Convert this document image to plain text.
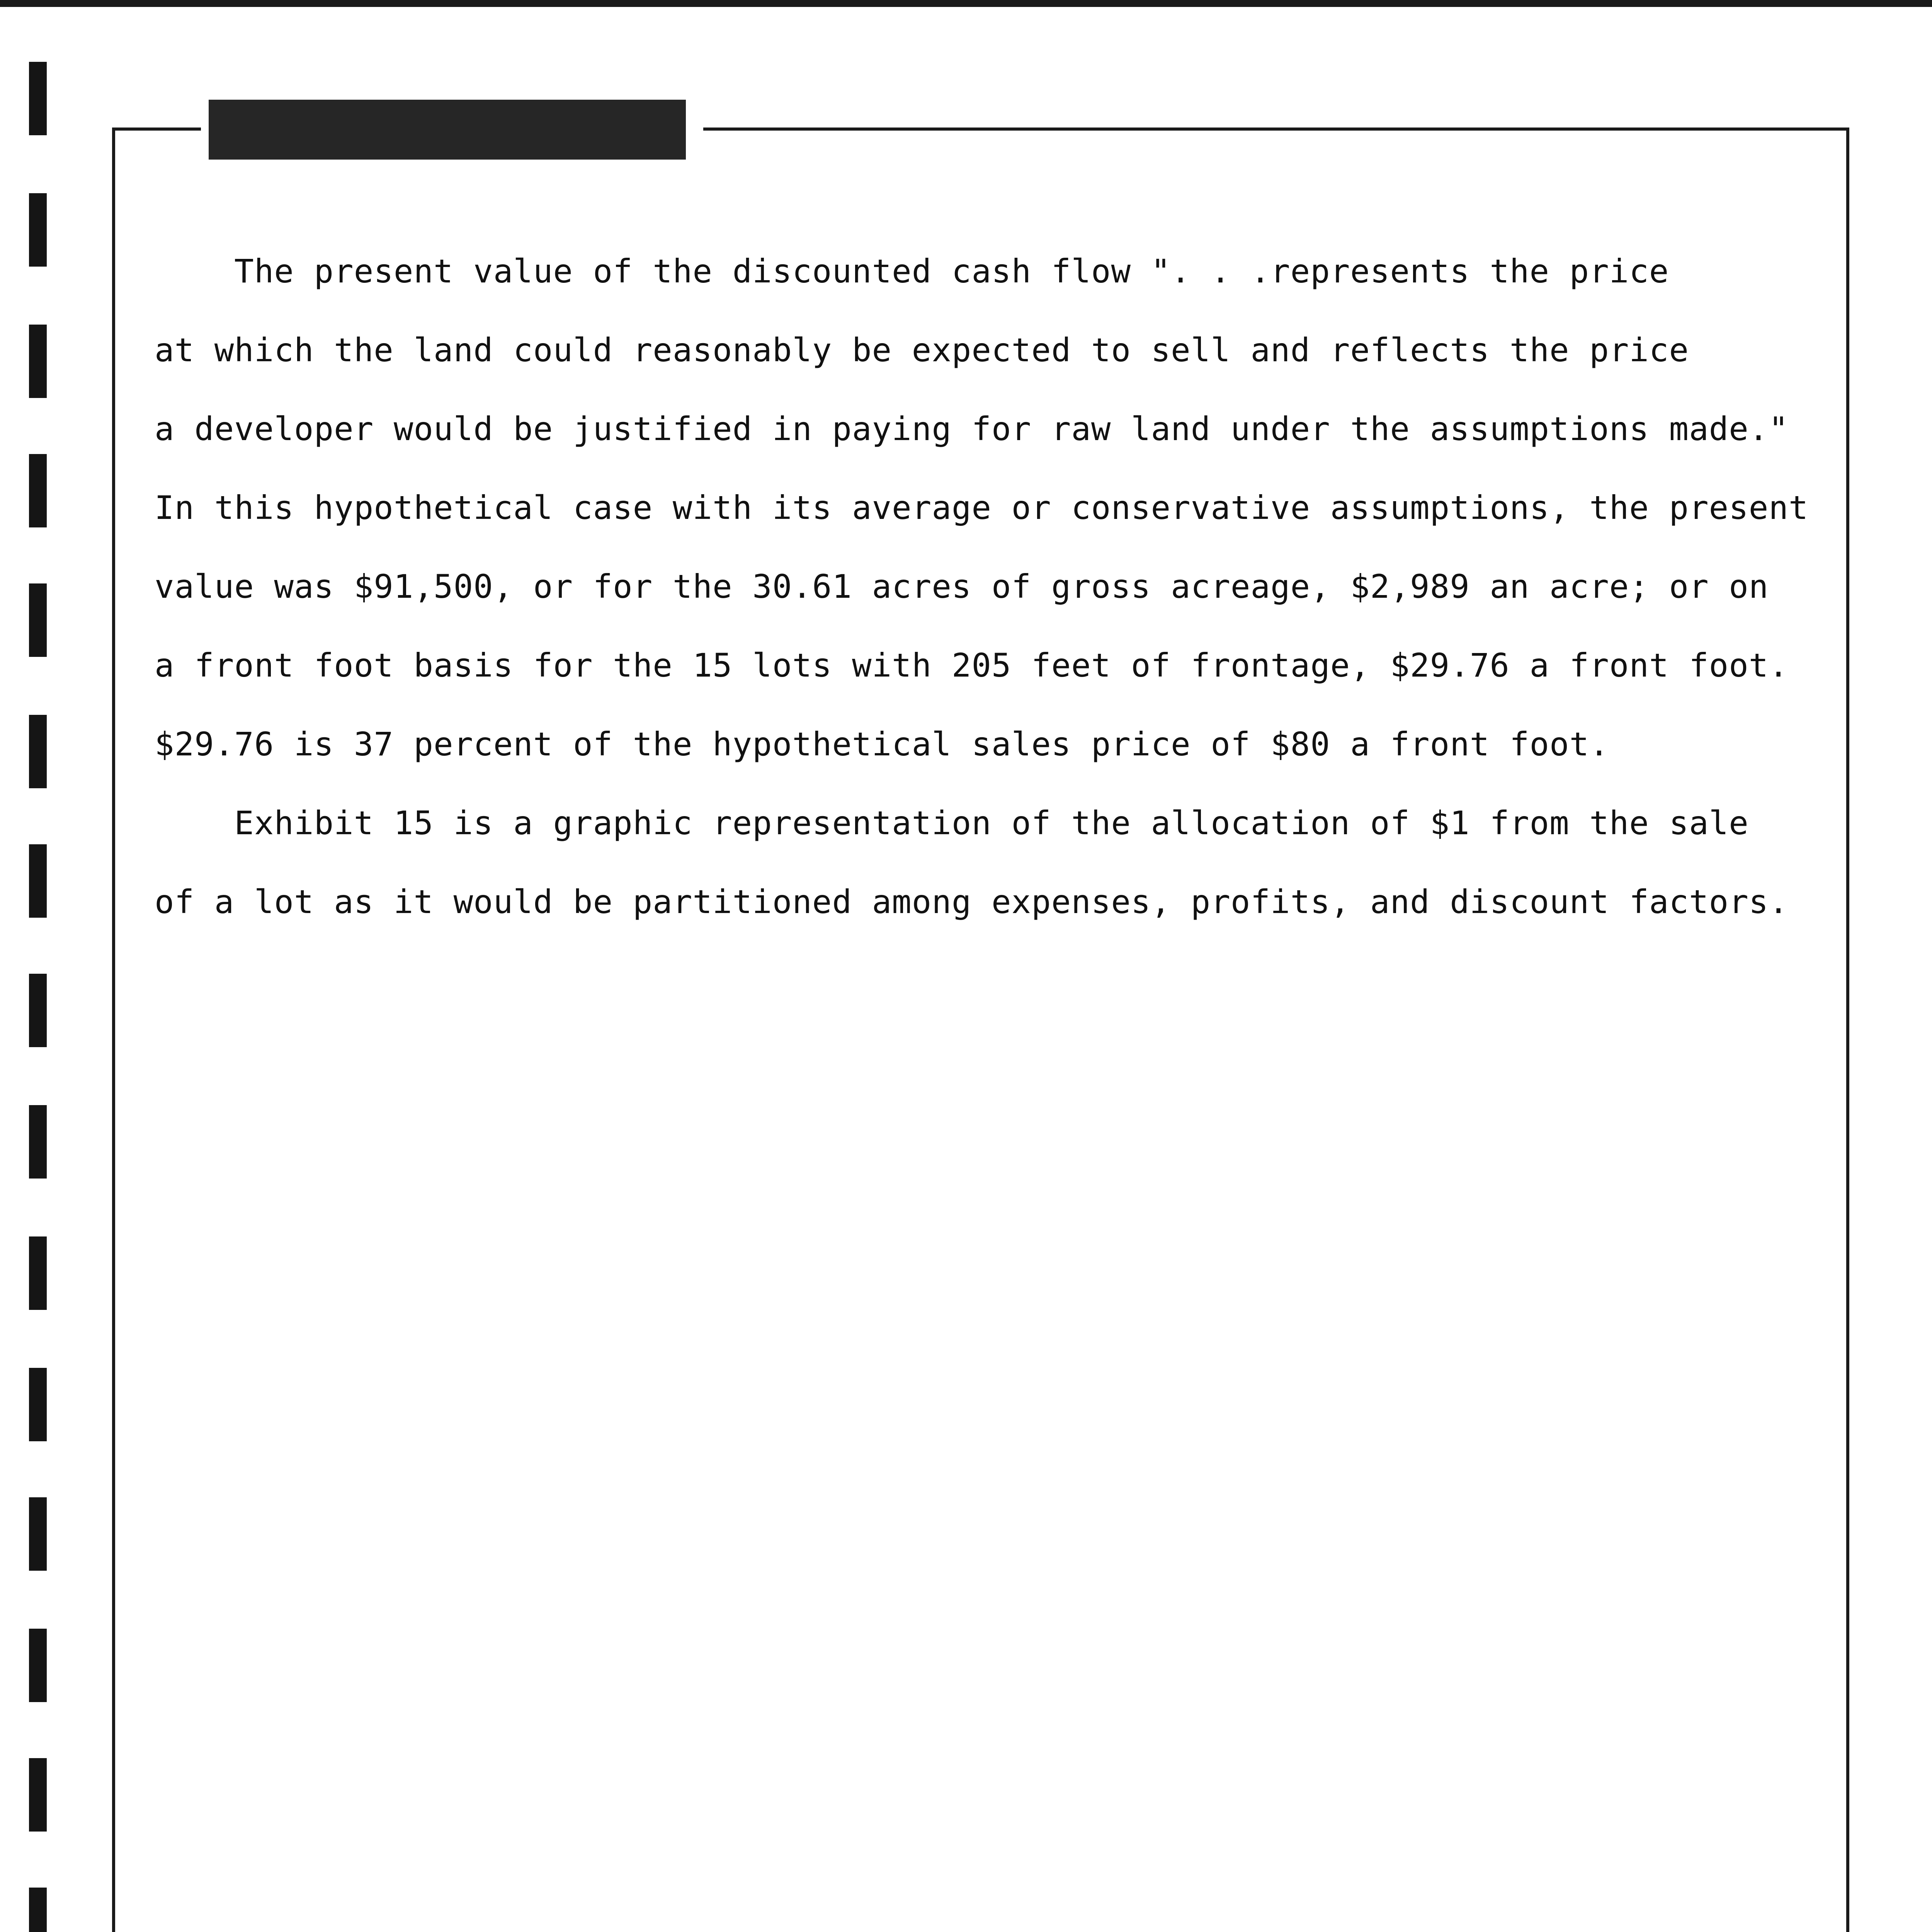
The present value of the discounted cash flow ". . .represents the price
at which the land could reasonably be expected to sell and reflects the price
a developer would be justified in paying for raw land under the assumptions made."
In this hypothetical case with its average or conservative assumptions, the present
value was $91,500, or for the 30.61 acres of gross acreage, $2,989 an acre; or on
a front foot basis for the 15 lots with 205 feet of frontage, $29.76 a front foot.
$29.76 is 37 percent of the hypothetical sales price of $80 a front foot.

Exhibit 15 is a graphic representation of the allocation of $1 from the sale
of a lot as it would be partitioned among expenses, profits, and discount factors.
